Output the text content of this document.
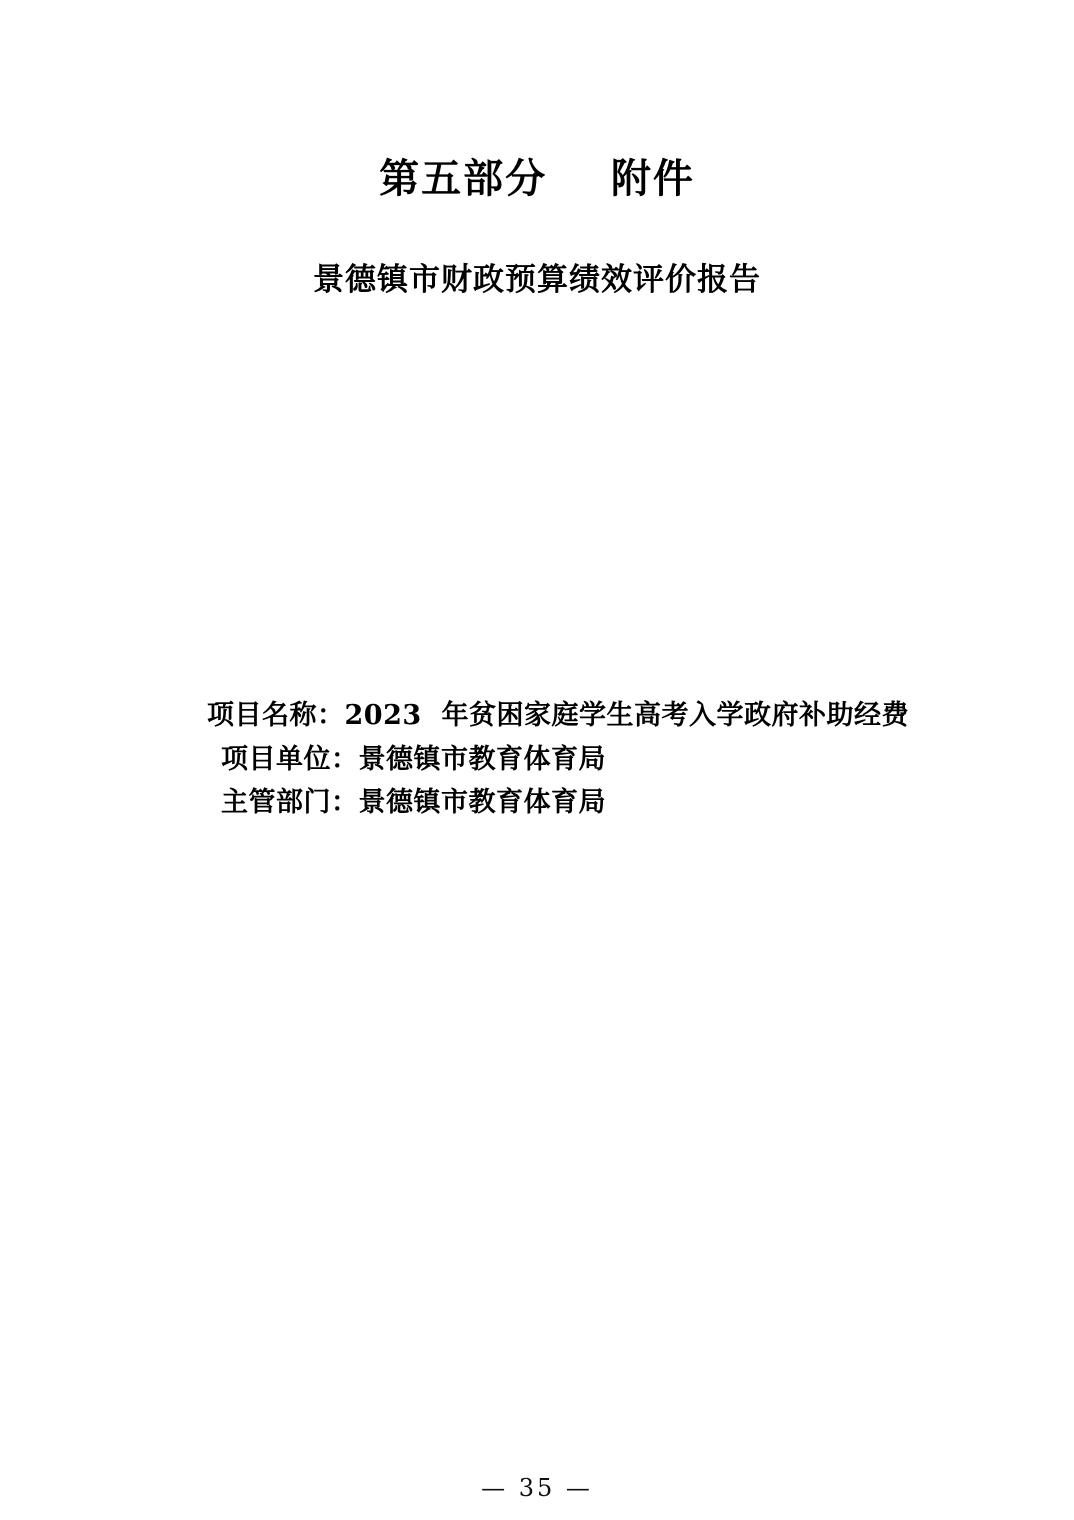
第五部分    附件
景德镇市财政预算绩效评价报告
项目名称：2023  年贫困家庭学生高考入学政府补助经费
项目单位：景德镇市教育体育局
主管部门：景德镇市教育体育局
— 35 —
